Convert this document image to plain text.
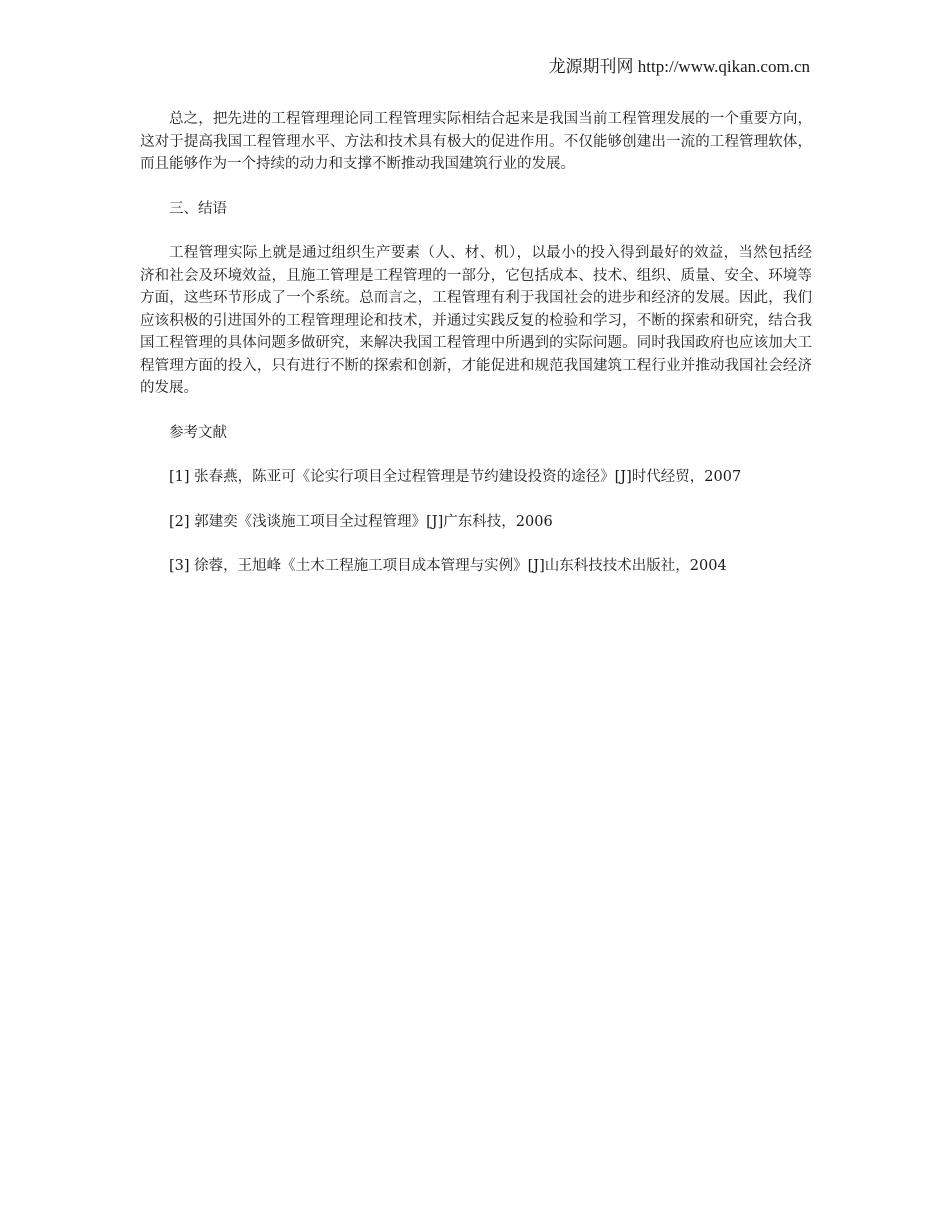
龙源期刊网 http://www.qikan.com.cn

总之，把先进的工程管理理论同工程管理实际相结合起来是我国当前工程管理发展的一个重要方向，这对于提高我国工程管理水平、方法和技术具有极大的促进作用。不仅能够创建出一流的工程管理软体，而且能够作为一个持续的动力和支撑不断推动我国建筑行业的发展。

三、结语

工程管理实际上就是通过组织生产要素（人、材、机），以最小的投入得到最好的效益，当然包括经济和社会及环境效益，且施工管理是工程管理的一部分，它包括成本、技术、组织、质量、安全、环境等方面，这些环节形成了一个系统。总而言之，工程管理有利于我国社会的进步和经济的发展。因此，我们应该积极的引进国外的工程管理理论和技术，并通过实践反复的检验和学习，不断的探索和研究，结合我国工程管理的具体问题多做研究，来解决我国工程管理中所遇到的实际问题。同时我国政府也应该加大工程管理方面的投入，只有进行不断的探索和创新，才能促进和规范我国建筑工程行业并推动我国社会经济的发展。

参考文献

[1] 张春燕，陈亚可《论实行项目全过程管理是节约建设投资的途径》[J]时代经贸，2007

[2] 郭建奕《浅谈施工项目全过程管理》[J]广东科技，2006

[3] 徐蓉，王旭峰《土木工程施工项目成本管理与实例》[J]山东科技技术出版社，2004
